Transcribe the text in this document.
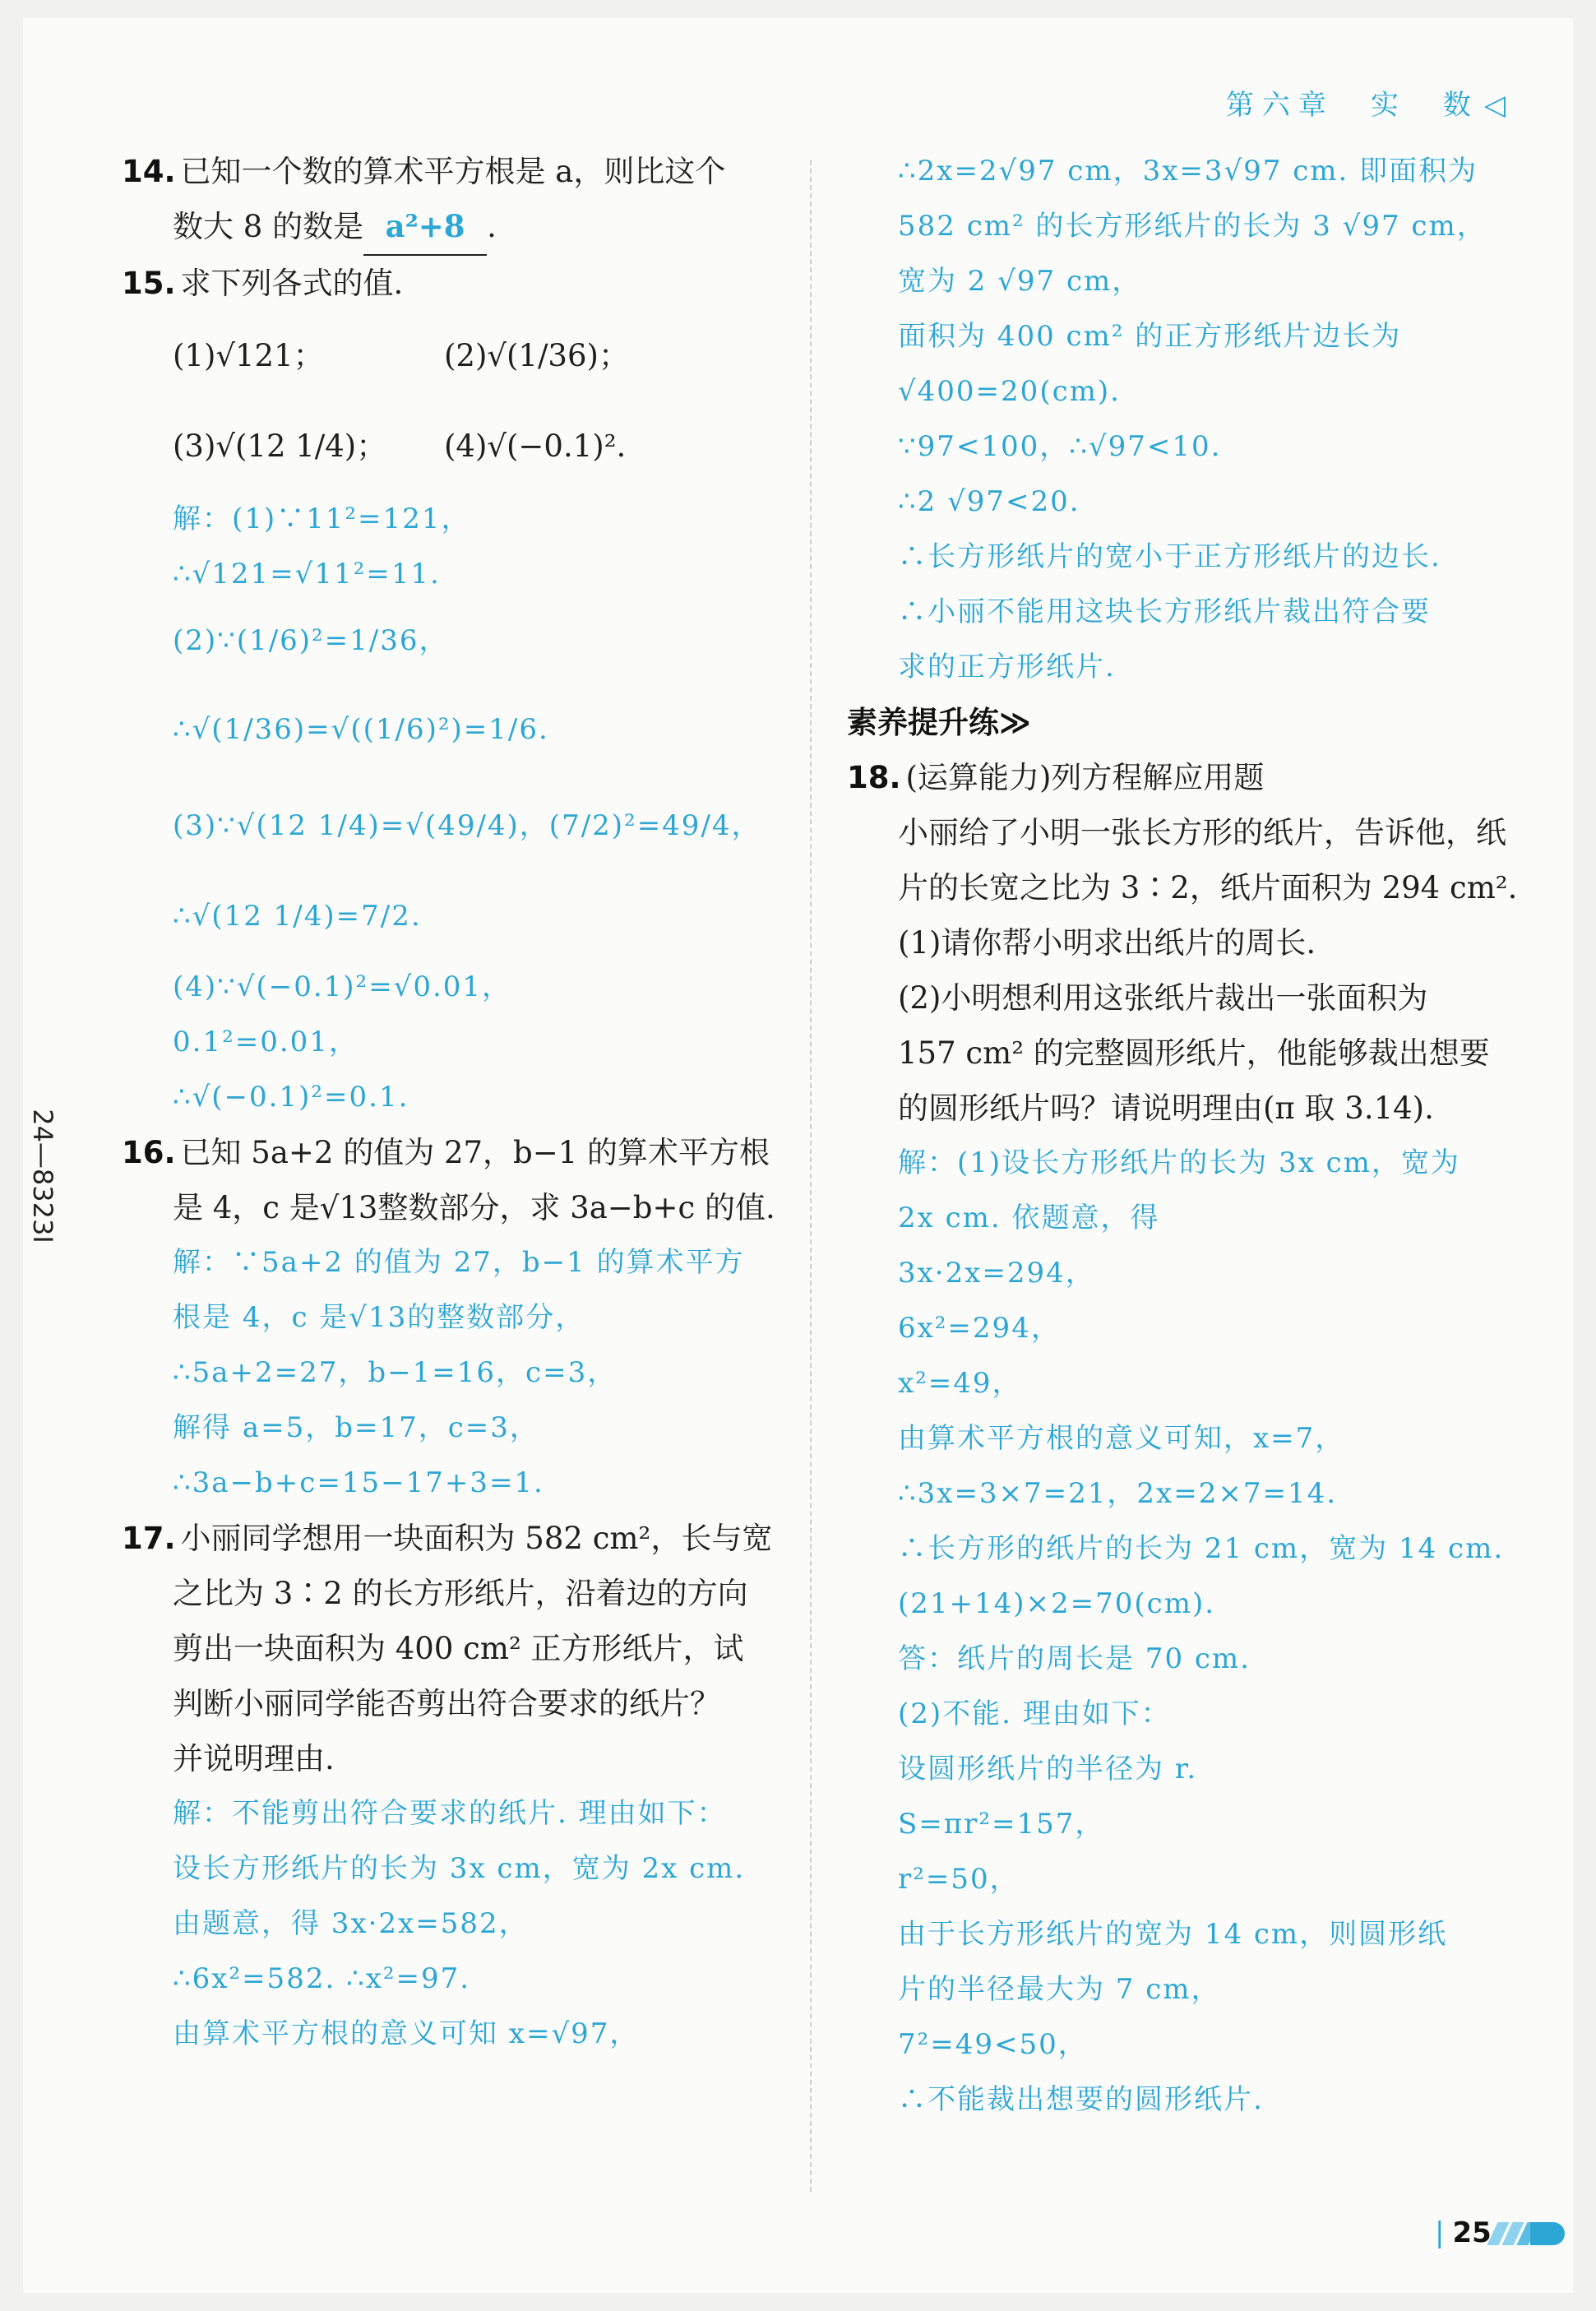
第六章　实　数 ◁
24—8323Ⅰ
14. 已知一个数的算术平方根是 a，则比这个
数大 8 的数是 a²+8 .
15. 求下列各式的值.
(1)√121；	(2)√(1/36)；
(3)√(12 1/4)；	(4)√(−0.1)².
解：(1)∵11²=121，
∴√121=√11²=11.
(2)∵(1/6)²=1/36，
∴√(1/36)=√((1/6)²)=1/6.
(3)∵√(12 1/4)=√(49/4)，(7/2)²=49/4，
∴√(12 1/4)=7/2.
(4)∵√(−0.1)²=√0.01，
0.1²=0.01，
∴√(−0.1)²=0.1.
16. 已知 5a+2 的值为 27，b−1 的算术平方根
是 4，c 是√13整数部分，求 3a−b+c 的值.
解：∵5a+2 的值为 27，b−1 的算术平方
根是 4，c 是√13的整数部分，
∴5a+2=27，b−1=16，c=3，
解得 a=5，b=17，c=3，
∴3a−b+c=15−17+3=1.
17. 小丽同学想用一块面积为 582 cm²，长与宽
之比为 3∶2 的长方形纸片，沿着边的方向
剪出一块面积为 400 cm² 正方形纸片，试
判断小丽同学能否剪出符合要求的纸片？
并说明理由.
解：不能剪出符合要求的纸片. 理由如下：
设长方形纸片的长为 3x cm，宽为 2x cm.
由题意，得 3x·2x=582，
∴6x²=582. ∴x²=97.
由算术平方根的意义可知 x=√97，
∴2x=2√97 cm，3x=3√97 cm. 即面积为
582 cm² 的长方形纸片的长为 3 √97 cm，
宽为 2 √97 cm，
面积为 400 cm² 的正方形纸片边长为
√400=20(cm).
∵97<100，∴√97<10.
∴2 √97<20.
∴长方形纸片的宽小于正方形纸片的边长.
∴小丽不能用这块长方形纸片裁出符合要
求的正方形纸片.
素养提升练≫
18. (运算能力)列方程解应用题
小丽给了小明一张长方形的纸片，告诉他，纸
片的长宽之比为 3∶2，纸片面积为 294 cm².
(1)请你帮小明求出纸片的周长.
(2)小明想利用这张纸片裁出一张面积为
157 cm² 的完整圆形纸片，他能够裁出想要
的圆形纸片吗？请说明理由(π 取 3.14).
解：(1)设长方形纸片的长为 3x cm，宽为
2x cm. 依题意，得
3x·2x=294，
6x²=294，
x²=49，
由算术平方根的意义可知，x=7，
∴3x=3×7=21，2x=2×7=14.
∴长方形的纸片的长为 21 cm，宽为 14 cm.
(21+14)×2=70(cm).
答：纸片的周长是 70 cm.
(2)不能. 理由如下：
设圆形纸片的半径为 r.
S=πr²=157，
r²=50，
由于长方形纸片的宽为 14 cm，则圆形纸
片的半径最大为 7 cm，
7²=49<50，
∴不能裁出想要的圆形纸片.
| 25
